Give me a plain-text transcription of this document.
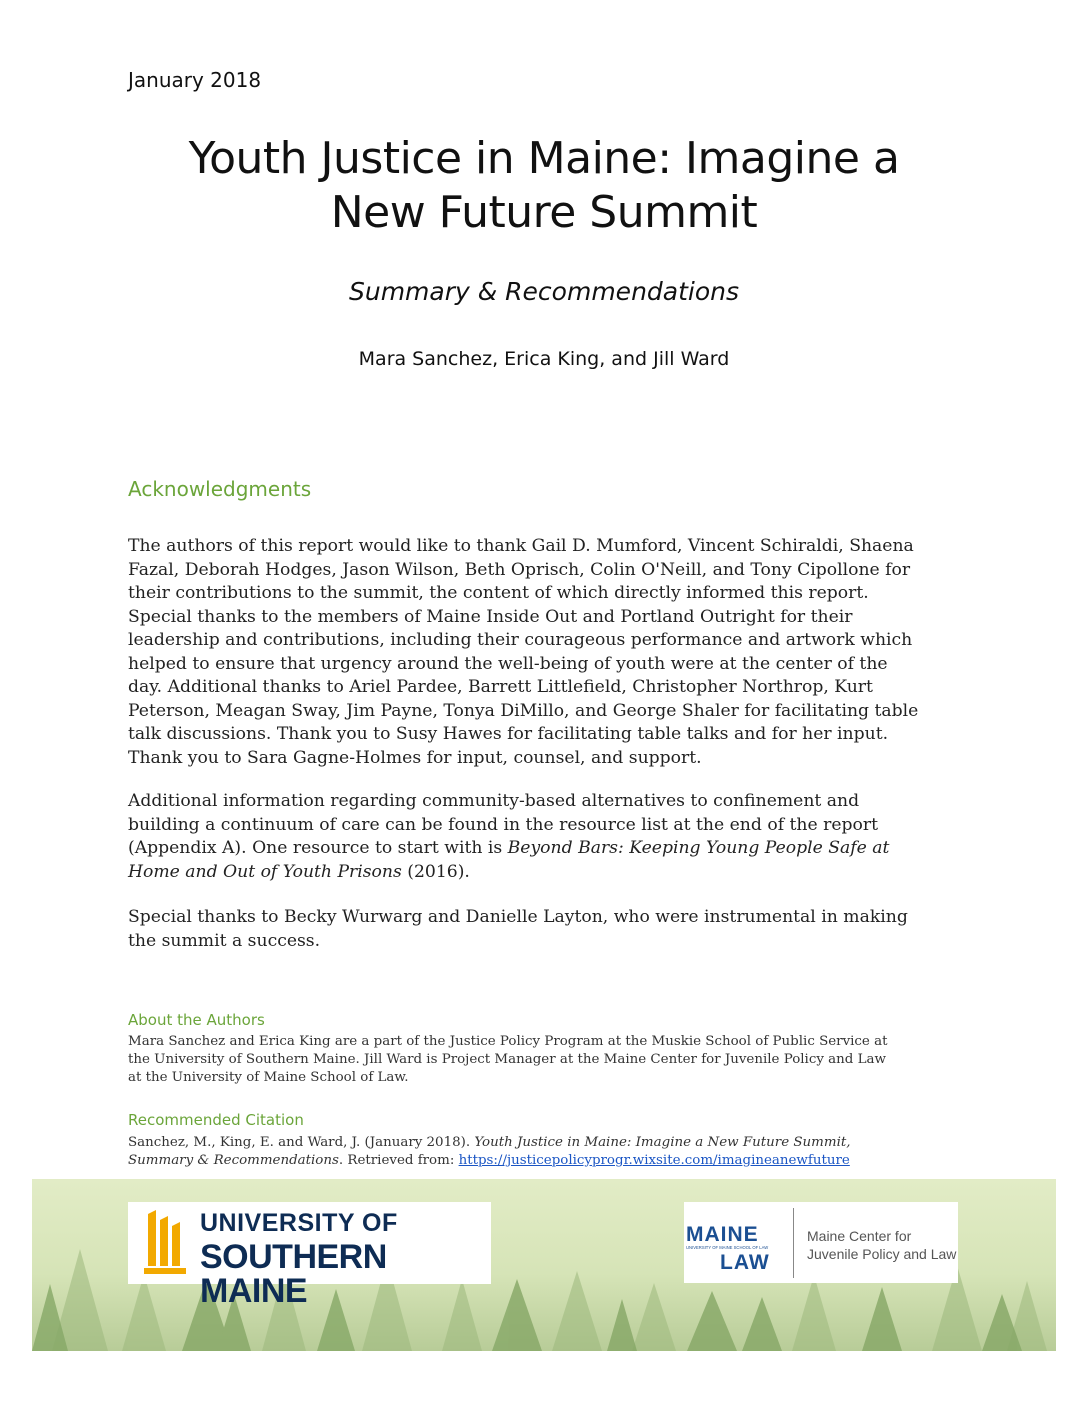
January 2018
Youth Justice in Maine: Imagine a
New Future Summit
Summary & Recommendations
Mara Sanchez, Erica King, and Jill Ward
Acknowledgments
The authors of this report would like to thank Gail D. Mumford, Vincent Schiraldi, Shaena
Fazal, Deborah Hodges, Jason Wilson, Beth Oprisch, Colin O'Neill, and Tony Cipollone for
their contributions to the summit, the content of which directly informed this report.
Special thanks to the members of Maine Inside Out and Portland Outright for their
leadership and contributions, including their courageous performance and artwork which
helped to ensure that urgency around the well-being of youth were at the center of the
day. Additional thanks to Ariel Pardee, Barrett Littlefield, Christopher Northrop, Kurt
Peterson, Meagan Sway, Jim Payne, Tonya DiMillo, and George Shaler for facilitating table
talk discussions. Thank you to Susy Hawes for facilitating table talks and for her input.
Thank you to Sara Gagne-Holmes for input, counsel, and support.
Additional information regarding community-based alternatives to confinement and
building a continuum of care can be found in the resource list at the end of the report
(Appendix A). One resource to start with is Beyond Bars: Keeping Young People Safe at
Home and Out of Youth Prisons (2016).
Special thanks to Becky Wurwarg and Danielle Layton, who were instrumental in making
the summit a success.
About the Authors
Mara Sanchez and Erica King are a part of the Justice Policy Program at the Muskie School of Public Service at
the University of Southern Maine. Jill Ward is Project Manager at the Maine Center for Juvenile Policy and Law
at the University of Maine School of Law.
Recommended Citation
Sanchez, M., King, E. and Ward, J. (January 2018). Youth Justice in Maine: Imagine a New Future Summit,
Summary & Recommendations. Retrieved from: https://justicepolicyprogr.wixsite.com/imagineanewfuture
UNIVERSITY OF
SOUTHERN MAINE
MAINE
UNIVERSITY OF MAINE SCHOOL OF LAW
LAW
Maine Center for
Juvenile Policy and Law
